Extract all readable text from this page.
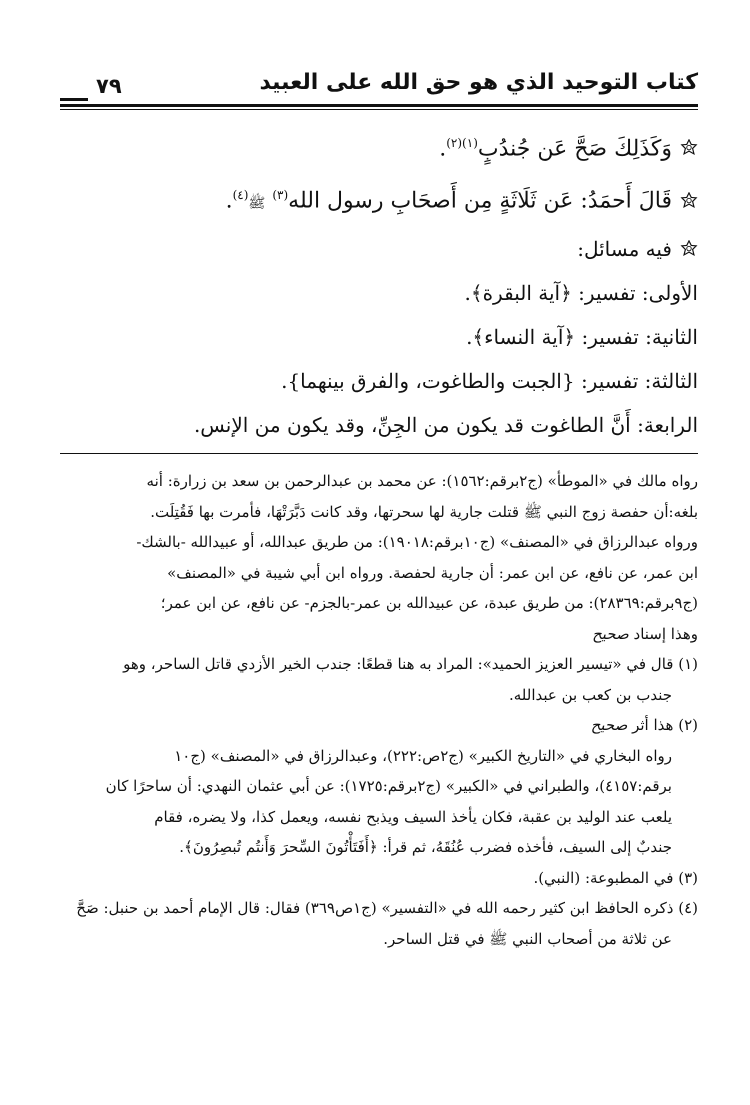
كتاب التوحيد الذي هو حق الله على العبيد
٧٩
وَكَذَلِكَ صَحَّ عَن جُندُبٍ$^{(١)(٢)}$.
قَالَ أَحمَدُ: عَن ثَلَاثَةٍ مِن أَصحَابِ رسول الله$^{(٣)}$ ﷺ$^{(٤)}$.
فيه مسائل:
الأولى: تفسير: ﴿آية البقرة﴾.
الثانية: تفسير: ﴿آية النساء﴾.
الثالثة: تفسير: {الجبت والطاغوت، والفرق بينهما}.
الرابعة: أَنَّ الطاغوت قد يكون من الجِنِّ، وقد يكون من الإنس.
رواه مالك في «الموطأ» (ج٢برقم:١٥٦٢): عن محمد بن عبدالرحمن بن سعد بن زرارة: أنه
بلغه:أن حفصة زوج النبي ﷺ قتلت جارية لها سحرتها، وقد كانت دَبَّرَتْهَا، فأمرت بها فَقُتِلَت.
ورواه عبدالرزاق في «المصنف» (ج١٠برقم:١٩٠١٨): من طريق عبدالله، أو عبيدالله -بالشك-
ابن عمر، عن نافع، عن ابن عمر: أن جارية لحفصة. ورواه ابن أبي شيبة في «المصنف»
(ج٩برقم:٢٨٣٦٩): من طريق عبدة، عن عبيدالله بن عمر-بالجزم- عن نافع، عن ابن عمر؛
وهذا إسناد صحيح
(١) قال في «تيسير العزيز الحميد»: المراد به هنا قطعًا: جندب الخير الأزدي قاتل الساحر، وهو
جندب بن كعب بن عبدالله.
(٢) هذا أثر صحيح
رواه البخاري في «التاريخ الكبير» (ج٢ص:٢٢٢)، وعبدالرزاق في «المصنف» (ج١٠
برقم:٤١٥٧)، والطبراني في «الكبير» (ج٢برقم:١٧٢٥): عن أبي عثمان النهدي: أن ساحرًا كان
يلعب عند الوليد بن عقبة، فكان يأخذ السيف ويذبح نفسه، ويعمل كذا، ولا يضره، فقام
جندبٌ إلى السيف، فأخذه فضرب عُنُقَهُ، ثم قرأ: ﴿أَفَتَأْتُونَ السِّحرَ وَأَنتُم تُبصِرُونَ﴾.
(٣) في المطبوعة: (النبي).
(٤) ذكره الحافظ ابن كثير رحمه الله في «التفسير» (ج١ص٣٦٩) فقال: قال الإمام أحمد بن حنبل: صَحَّ
عن ثلاثة من أصحاب النبي ﷺ في قتل الساحر.
